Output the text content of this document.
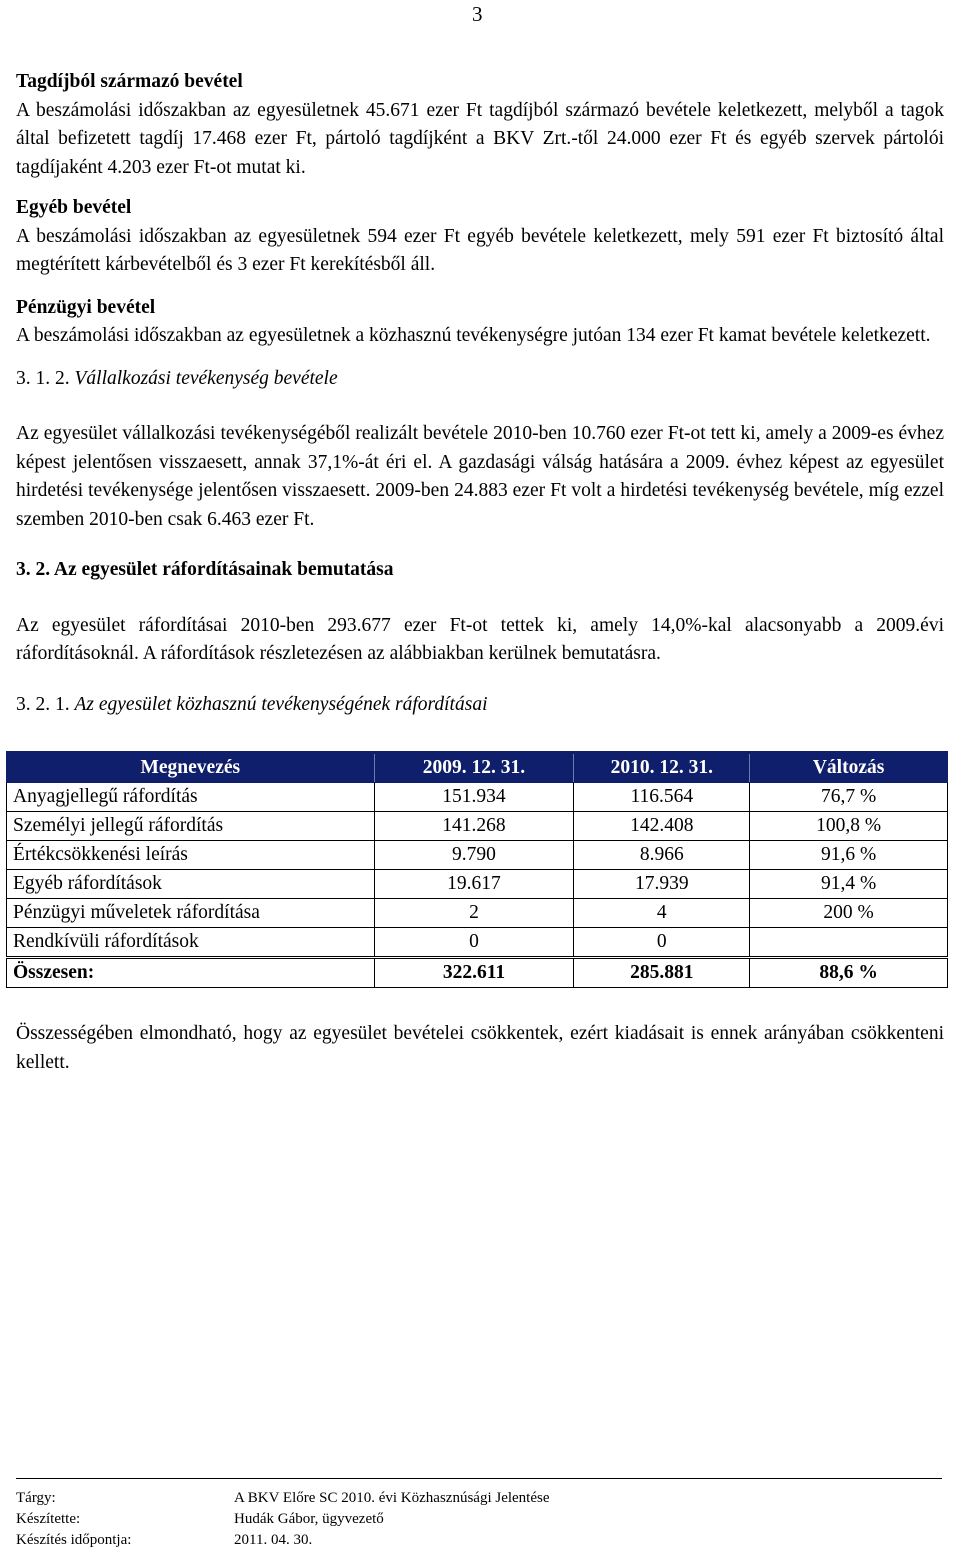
3

Tagdíjból származó bevétel

A beszámolási időszakban az egyesületnek 45.671 ezer Ft tagdíjból származó bevétele keletkezett, melyből a tagok által befizetett tagdíj 17.468 ezer Ft, pártoló tagdíjként a BKV Zrt.-től 24.000 ezer Ft és egyéb szervek pártolói tagdíjaként 4.203 ezer Ft-ot mutat ki.

Egyéb bevétel

A beszámolási időszakban az egyesületnek 594 ezer Ft egyéb bevétele keletkezett, mely 591 ezer Ft biztosító által megtérített kárbevételből és 3 ezer Ft kerekítésből áll.

Pénzügyi bevétel

A beszámolási időszakban az egyesületnek a közhasznú tevékenységre jutóan 134 ezer Ft kamat bevétele keletkezett.

3. 1. 2. Vállalkozási tevékenység bevétele

Az egyesület vállalkozási tevékenységéből realizált bevétele 2010-ben 10.760 ezer Ft-ot tett ki, amely a 2009-es évhez képest jelentősen visszaesett, annak 37,1%-át éri el. A gazdasági válság hatására a 2009. évhez képest az egyesület hirdetési tevékenysége jelentősen visszaesett. 2009-ben 24.883 ezer Ft volt a hirdetési tevékenység bevétele, míg ezzel szemben 2010-ben csak 6.463 ezer Ft.

3. 2. Az egyesület ráfordításainak bemutatása

Az egyesület ráfordításai 2010-ben 293.677 ezer Ft-ot tettek ki, amely 14,0%-kal alacsonyabb a 2009.évi ráfordításoknál. A ráfordítások részletezésen az alábbiakban kerülnek bemutatásra.

3. 2. 1. Az egyesület közhasznú tevékenységének ráfordításai

Megnevezés	2009. 12. 31.	2010. 12. 31.	Változás
Anyagjellegű ráfordítás	151.934	116.564	76,7 %
Személyi jellegű ráfordítás	141.268	142.408	100,8 %
Értékcsökkenési leírás	9.790	8.966	91,6 %
Egyéb ráfordítások	19.617	17.939	91,4 %
Pénzügyi műveletek ráfordítása	2	4	200 %
Rendkívüli ráfordítások	0	0	
Összesen:	322.611	285.881	88,6 %

Összességében elmondható, hogy az egyesület bevételei csökkentek, ezért kiadásait is ennek arányában csökkenteni kellett.

Tárgy:	A BKV Előre SC 2010. évi Közhasznúsági Jelentése
Készítette:	Hudák Gábor, ügyvezető
Készítés időpontja:	2011. 04. 30.
